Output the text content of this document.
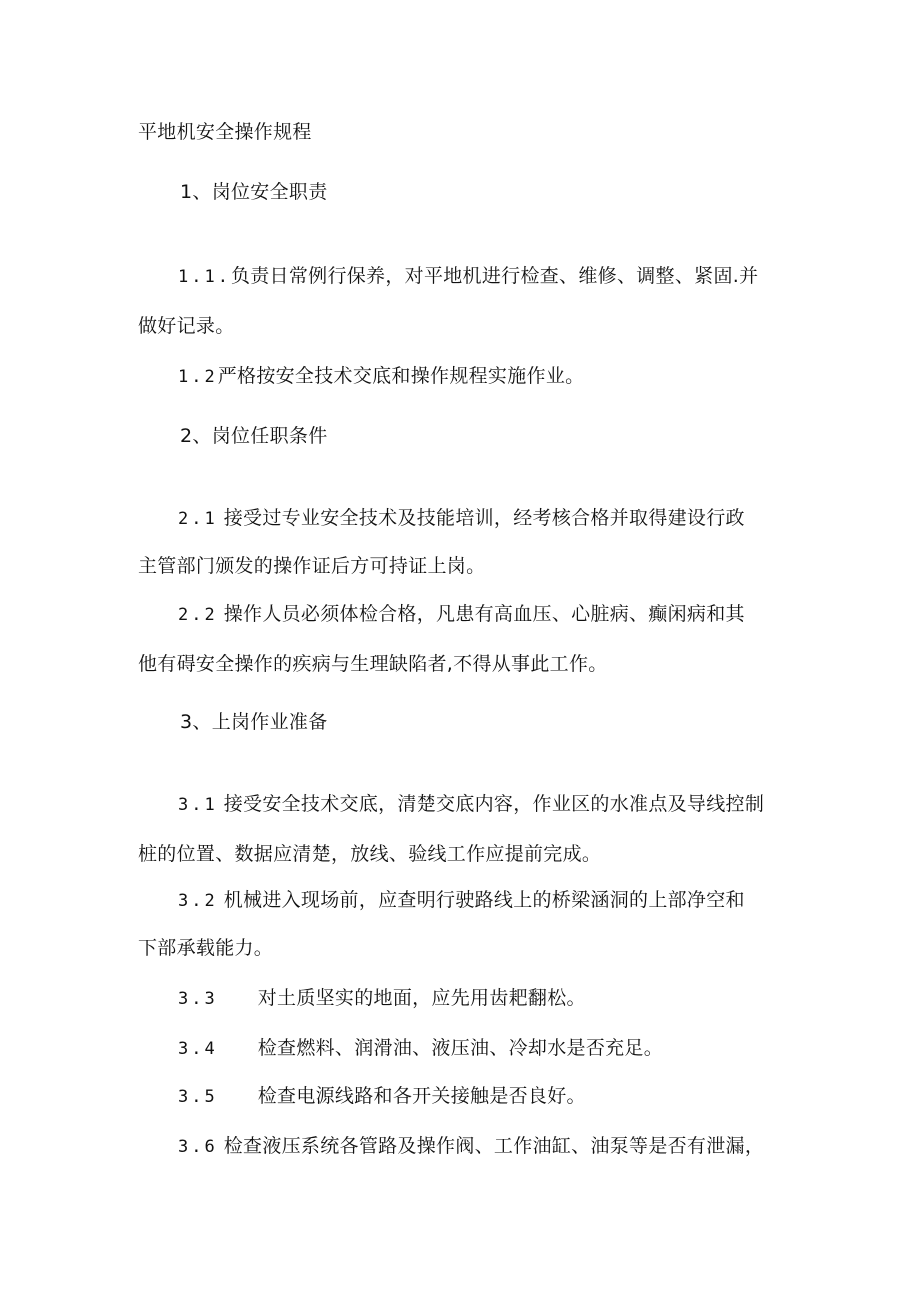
平地机安全操作规程
1、岗位安全职责

1.1.负责日常例行保养，对平地机进行检查、维修、调整、紧固.并

做好记录。

1.2严格按安全技术交底和操作规程实施作业。

2、岗位任职条件

2.1 接受过专业安全技术及技能培训，经考核合格并取得建设行政

主管部门颁发的操作证后方可持证上岗。

2.2 操作人员必须体检合格，凡患有高血压、心脏病、癫闲病和其

他有碍安全操作的疾病与生理缺陷者,不得从事此工作。

3、上岗作业准备

3.1 接受安全技术交底，清楚交底内容，作业区的水准点及导线控制

桩的位置、数据应清楚，放线、验线工作应提前完成。

3.2 机械进入现场前，应查明行驶路线上的桥梁涵洞的上部净空和

下部承载能力。

3.3 对土质坚实的地面，应先用齿耙翻松。

3.4 检查燃料、润滑油、液压油、冷却水是否充足。

3.5 检查电源线路和各开关接触是否良好。

3.6 检查液压系统各管路及操作阀、工作油缸、油泵等是否有泄漏，
